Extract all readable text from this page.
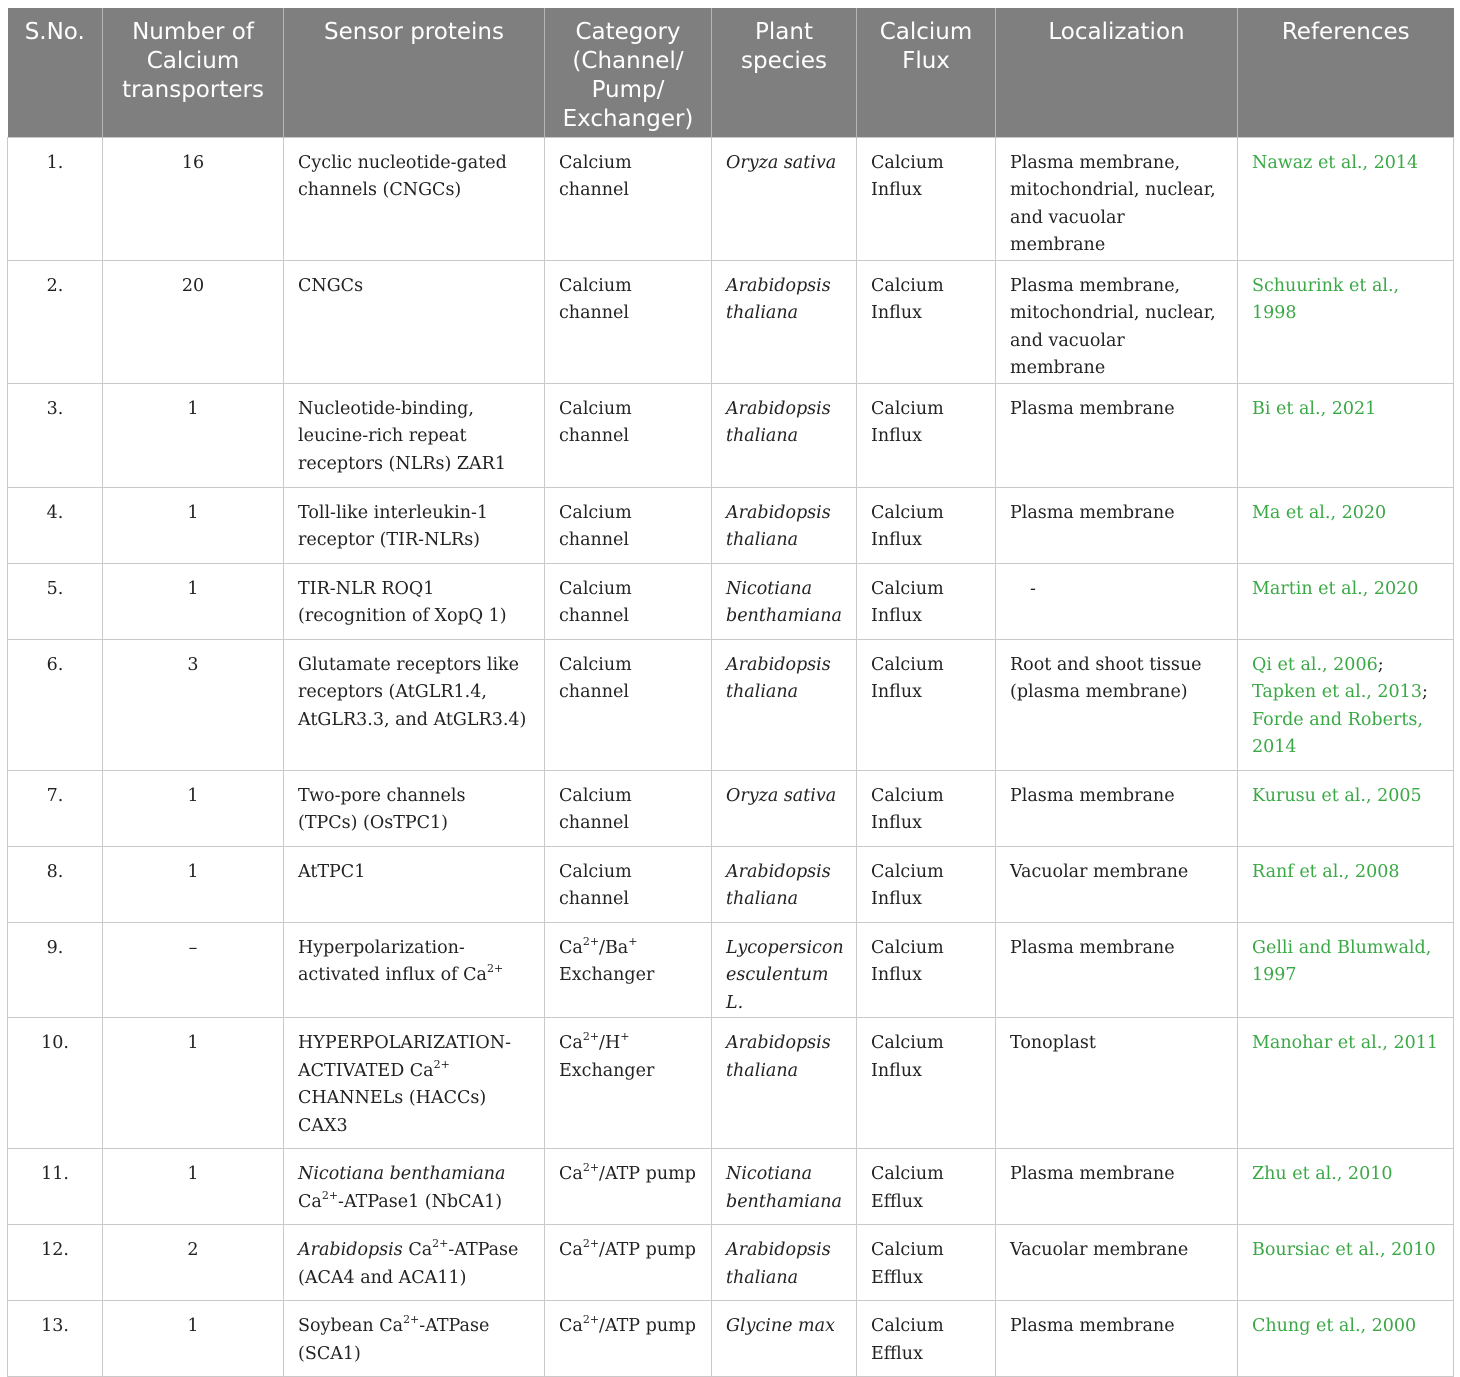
S.No.	Number of Calcium transporters	Sensor proteins	Category (Channel/ Pump/ Exchanger)	Plant species	Calcium Flux	Localization	References
1.	16	Cyclic nucleotide-gated channels (CNGCs)	Calcium channel	Oryza sativa	Calcium Influx	Plasma membrane, mitochondrial, nuclear, and vacuolar membrane	Nawaz et al., 2014
2.	20	CNGCs	Calcium channel	Arabidopsis thaliana	Calcium Influx	Plasma membrane, mitochondrial, nuclear, and vacuolar membrane	Schuurink et al., 1998
3.	1	Nucleotide-binding, leucine-rich repeat receptors (NLRs) ZAR1	Calcium channel	Arabidopsis thaliana	Calcium Influx	Plasma membrane	Bi et al., 2021
4.	1	Toll-like interleukin-1 receptor (TIR-NLRs)	Calcium channel	Arabidopsis thaliana	Calcium Influx	Plasma membrane	Ma et al., 2020
5.	1	TIR-NLR ROQ1 (recognition of XopQ 1)	Calcium channel	Nicotiana benthamiana	Calcium Influx	-	Martin et al., 2020
6.	3	Glutamate receptors like receptors (AtGLR1.4, AtGLR3.3, and AtGLR3.4)	Calcium channel	Arabidopsis thaliana	Calcium Influx	Root and shoot tissue (plasma membrane)	Qi et al., 2006;
Tapken et al., 2013;
Forde and Roberts, 2014
7.	1	Two-pore channels (TPCs) (OsTPC1)	Calcium channel	Oryza sativa	Calcium Influx	Plasma membrane	Kurusu et al., 2005
8.	1	AtTPC1	Calcium channel	Arabidopsis thaliana	Calcium Influx	Vacuolar membrane	Ranf et al., 2008
9.	–	Hyperpolarization-activated influx of $Ca^{2+}$	$Ca^{2+}/Ba^+$ Exchanger	Lycopersicon esculentum L.	Calcium Influx	Plasma membrane	Gelli and Blumwald, 1997
10.	1	HYPERPOLARIZATION-ACTIVATED $Ca^{2+}$ CHANNELs (HACCs) CAX3	$Ca^{2+}/H^+$ Exchanger	Arabidopsis thaliana	Calcium Influx	Tonoplast	Manohar et al., 2011
11.	1	Nicotiana benthamiana $Ca^{2+}-ATPase1$ (NbCA1)	$Ca^{2+}$/ATP pump	Nicotiana benthamiana	Calcium Efflux	Plasma membrane	Zhu et al., 2010
12.	2	Arabidopsis $Ca^{2+}$-ATPase (ACA4 and ACA11)	$Ca^{2+}$/ATP pump	Arabidopsis thaliana	Calcium Efflux	Vacuolar membrane	Boursiac et al., 2010
13.	1	Soybean $Ca^{2+}$-ATPase (SCA1)	$Ca^{2+}$/ATP pump	Glycine max	Calcium Efflux	Plasma membrane	Chung et al., 2000
